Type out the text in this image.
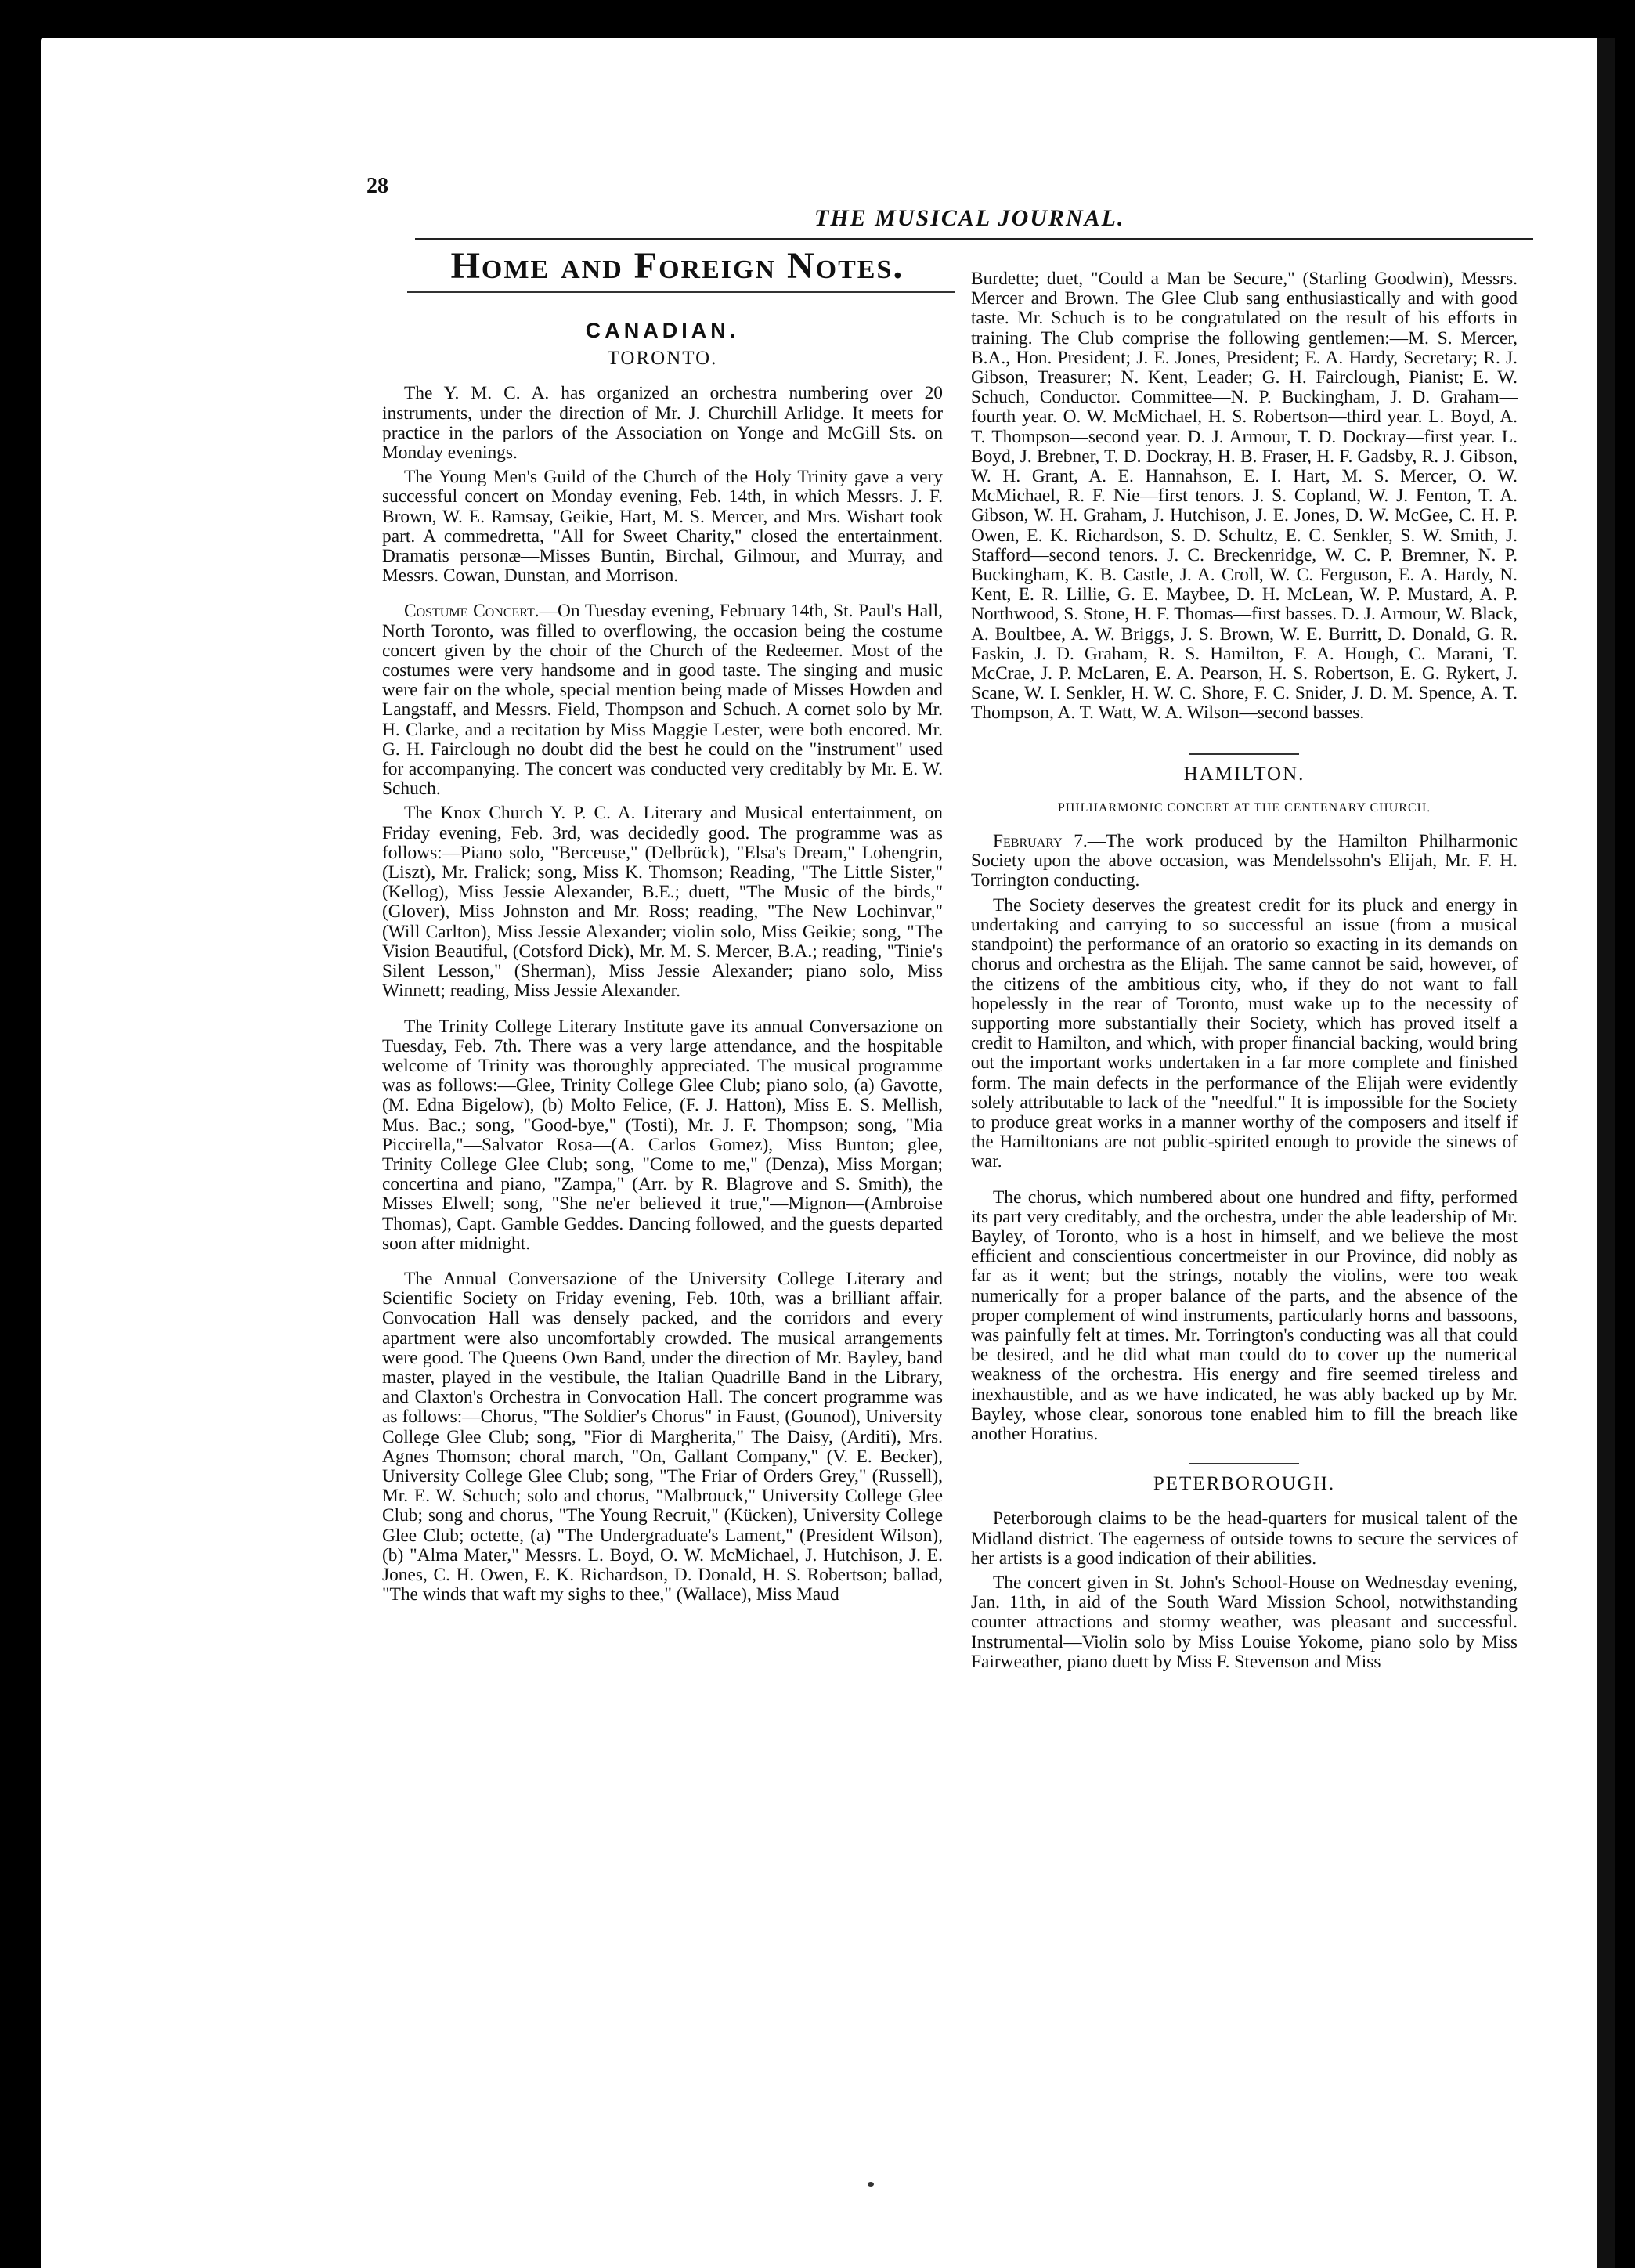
28
THE MUSICAL JOURNAL.
Home and Foreign Notes.
CANADIAN.
TORONTO.

The Y. M. C. A. has organized an orchestra numbering over 20 instruments, under the direction of Mr. J. Churchill Arlidge. It meets for practice in the parlors of the Association on Yonge and McGill Sts. on Monday evenings.

The Young Men's Guild of the Church of the Holy Trinity gave a very successful concert on Monday evening, Feb. 14th, in which Messrs. J. F. Brown, W. E. Ramsay, Geikie, Hart, M. S. Mercer, and Mrs. Wishart took part. A commedretta, "All for Sweet Charity," closed the entertainment. Dramatis personæ—Misses Buntin, Birchal, Gilmour, and Murray, and Messrs. Cowan, Dunstan, and Morrison.

Costume Concert.—On Tuesday evening, February 14th, St. Paul's Hall, North Toronto, was filled to overflowing, the occasion being the costume concert given by the choir of the Church of the Redeemer. Most of the costumes were very handsome and in good taste. The singing and music were fair on the whole, special mention being made of Misses Howden and Langstaff, and Messrs. Field, Thompson and Schuch. A cornet solo by Mr. H. Clarke, and a recitation by Miss Maggie Lester, were both encored. Mr. G. H. Fairclough no doubt did the best he could on the "instrument" used for accompanying. The concert was conducted very creditably by Mr. E. W. Schuch.

The Knox Church Y. P. C. A. Literary and Musical entertainment, on Friday evening, Feb. 3rd, was decidedly good. The programme was as follows:—Piano solo, "Berceuse," (Delbrück), "Elsa's Dream," Lohengrin, (Liszt), Mr. Fralick; song, Miss K. Thomson; Reading, "The Little Sister," (Kellog), Miss Jessie Alexander, B.E.; duett, "The Music of the birds," (Glover), Miss Johnston and Mr. Ross; reading, "The New Lochinvar," (Will Carlton), Miss Jessie Alexander; violin solo, Miss Geikie; song, "The Vision Beautiful, (Cotsford Dick), Mr. M. S. Mercer, B.A.; reading, "Tinie's Silent Lesson," (Sherman), Miss Jessie Alexander; piano solo, Miss Winnett; reading, Miss Jessie Alexander.

The Trinity College Literary Institute gave its annual Conversazione on Tuesday, Feb. 7th. There was a very large attendance, and the hospitable welcome of Trinity was thoroughly appreciated. The musical programme was as follows:—Glee, Trinity College Glee Club; piano solo, (a) Gavotte, (M. Edna Bigelow), (b) Molto Felice, (F. J. Hatton), Miss E. S. Mellish, Mus. Bac.; song, "Good-bye," (Tosti), Mr. J. F. Thompson; song, "Mia Piccirella,"—Salvator Rosa—(A. Carlos Gomez), Miss Bunton; glee, Trinity College Glee Club; song, "Come to me," (Denza), Miss Morgan; concertina and piano, "Zampa," (Arr. by R. Blagrove and S. Smith), the Misses Elwell; song, "She ne'er believed it true,"—Mignon—(Ambroise Thomas), Capt. Gamble Geddes. Dancing followed, and the guests departed soon after midnight.

The Annual Conversazione of the University College Literary and Scientific Society on Friday evening, Feb. 10th, was a brilliant affair. Convocation Hall was densely packed, and the corridors and every apartment were also uncomfortably crowded. The musical arrangements were good. The Queens Own Band, under the direction of Mr. Bayley, band master, played in the vestibule, the Italian Quadrille Band in the Library, and Claxton's Orchestra in Convocation Hall. The concert programme was as follows:—Chorus, "The Soldier's Chorus" in Faust, (Gounod), University College Glee Club; song, "Fior di Margherita," The Daisy, (Arditi), Mrs. Agnes Thomson; choral march, "On, Gallant Company," (V. E. Becker), University College Glee Club; song, "The Friar of Orders Grey," (Russell), Mr. E. W. Schuch; solo and chorus, "Malbrouck," University College Glee Club; song and chorus, "The Young Recruit," (Kücken), University College Glee Club; octette, (a) "The Undergraduate's Lament," (President Wilson), (b) "Alma Mater," Messrs. L. Boyd, O. W. McMichael, J. Hutchison, J. E. Jones, C. H. Owen, E. K. Richardson, D. Donald, H. S. Robertson; ballad, "The winds that waft my sighs to thee," (Wallace), Miss Maud

Burdette; duet, "Could a Man be Secure," (Starling Goodwin), Messrs. Mercer and Brown. The Glee Club sang enthusiastically and with good taste. Mr. Schuch is to be congratulated on the result of his efforts in training. The Club comprise the following gentlemen:—M. S. Mercer, B.A., Hon. President; J. E. Jones, President; E. A. Hardy, Secretary; R. J. Gibson, Treasurer; N. Kent, Leader; G. H. Fairclough, Pianist; E. W. Schuch, Conductor. Committee—N. P. Buckingham, J. D. Graham—fourth year. O. W. McMichael, H. S. Robertson—third year. L. Boyd, A. T. Thompson—second year. D. J. Armour, T. D. Dockray—first year. L. Boyd, J. Brebner, T. D. Dockray, H. B. Fraser, H. F. Gadsby, R. J. Gibson, W. H. Grant, A. E. Hannahson, E. I. Hart, M. S. Mercer, O. W. McMichael, R. F. Nie—first tenors. J. S. Copland, W. J. Fenton, T. A. Gibson, W. H. Graham, J. Hutchison, J. E. Jones, D. W. McGee, C. H. P. Owen, E. K. Richardson, S. D. Schultz, E. C. Senkler, S. W. Smith, J. Stafford—second tenors. J. C. Breckenridge, W. C. P. Bremner, N. P. Buckingham, K. B. Castle, J. A. Croll, W. C. Ferguson, E. A. Hardy, N. Kent, E. R. Lillie, G. E. Maybee, D. H. McLean, W. P. Mustard, A. P. Northwood, S. Stone, H. F. Thomas—first basses. D. J. Armour, W. Black, A. Boultbee, A. W. Briggs, J. S. Brown, W. E. Burritt, D. Donald, G. R. Faskin, J. D. Graham, R. S. Hamilton, F. A. Hough, C. Marani, T. McCrae, J. P. McLaren, E. A. Pearson, H. S. Robertson, E. G. Rykert, J. Scane, W. I. Senkler, H. W. C. Shore, F. C. Snider, J. D. M. Spence, A. T. Thompson, A. T. Watt, W. A. Wilson—second basses.

HAMILTON.
PHILHARMONIC CONCERT AT THE CENTENARY CHURCH.

February 7.—The work produced by the Hamilton Philharmonic Society upon the above occasion, was Mendelssohn's Elijah, Mr. F. H. Torrington conducting.

The Society deserves the greatest credit for its pluck and energy in undertaking and carrying to so successful an issue (from a musical standpoint) the performance of an oratorio so exacting in its demands on chorus and orchestra as the Elijah. The same cannot be said, however, of the citizens of the ambitious city, who, if they do not want to fall hopelessly in the rear of Toronto, must wake up to the necessity of supporting more substantially their Society, which has proved itself a credit to Hamilton, and which, with proper financial backing, would bring out the important works undertaken in a far more complete and finished form. The main defects in the performance of the Elijah were evidently solely attributable to lack of the "needful." It is impossible for the Society to produce great works in a manner worthy of the composers and itself if the Hamiltonians are not public-spirited enough to provide the sinews of war.

The chorus, which numbered about one hundred and fifty, performed its part very creditably, and the orchestra, under the able leadership of Mr. Bayley, of Toronto, who is a host in himself, and we believe the most efficient and conscientious concertmeister in our Province, did nobly as far as it went; but the strings, notably the violins, were too weak numerically for a proper balance of the parts, and the absence of the proper complement of wind instruments, particularly horns and bassoons, was painfully felt at times. Mr. Torrington's conducting was all that could be desired, and he did what man could do to cover up the numerical weakness of the orchestra. His energy and fire seemed tireless and inexhaustible, and as we have indicated, he was ably backed up by Mr. Bayley, whose clear, sonorous tone enabled him to fill the breach like another Horatius.

PETERBOROUGH.

Peterborough claims to be the head-quarters for musical talent of the Midland district. The eagerness of outside towns to secure the services of her artists is a good indication of their abilities.

The concert given in St. John's School-House on Wednesday evening, Jan. 11th, in aid of the South Ward Mission School, notwithstanding counter attractions and stormy weather, was pleasant and successful. Instrumental—Violin solo by Miss Louise Yokome, piano solo by Miss Fairweather, piano duett by Miss F. Stevenson and Miss
